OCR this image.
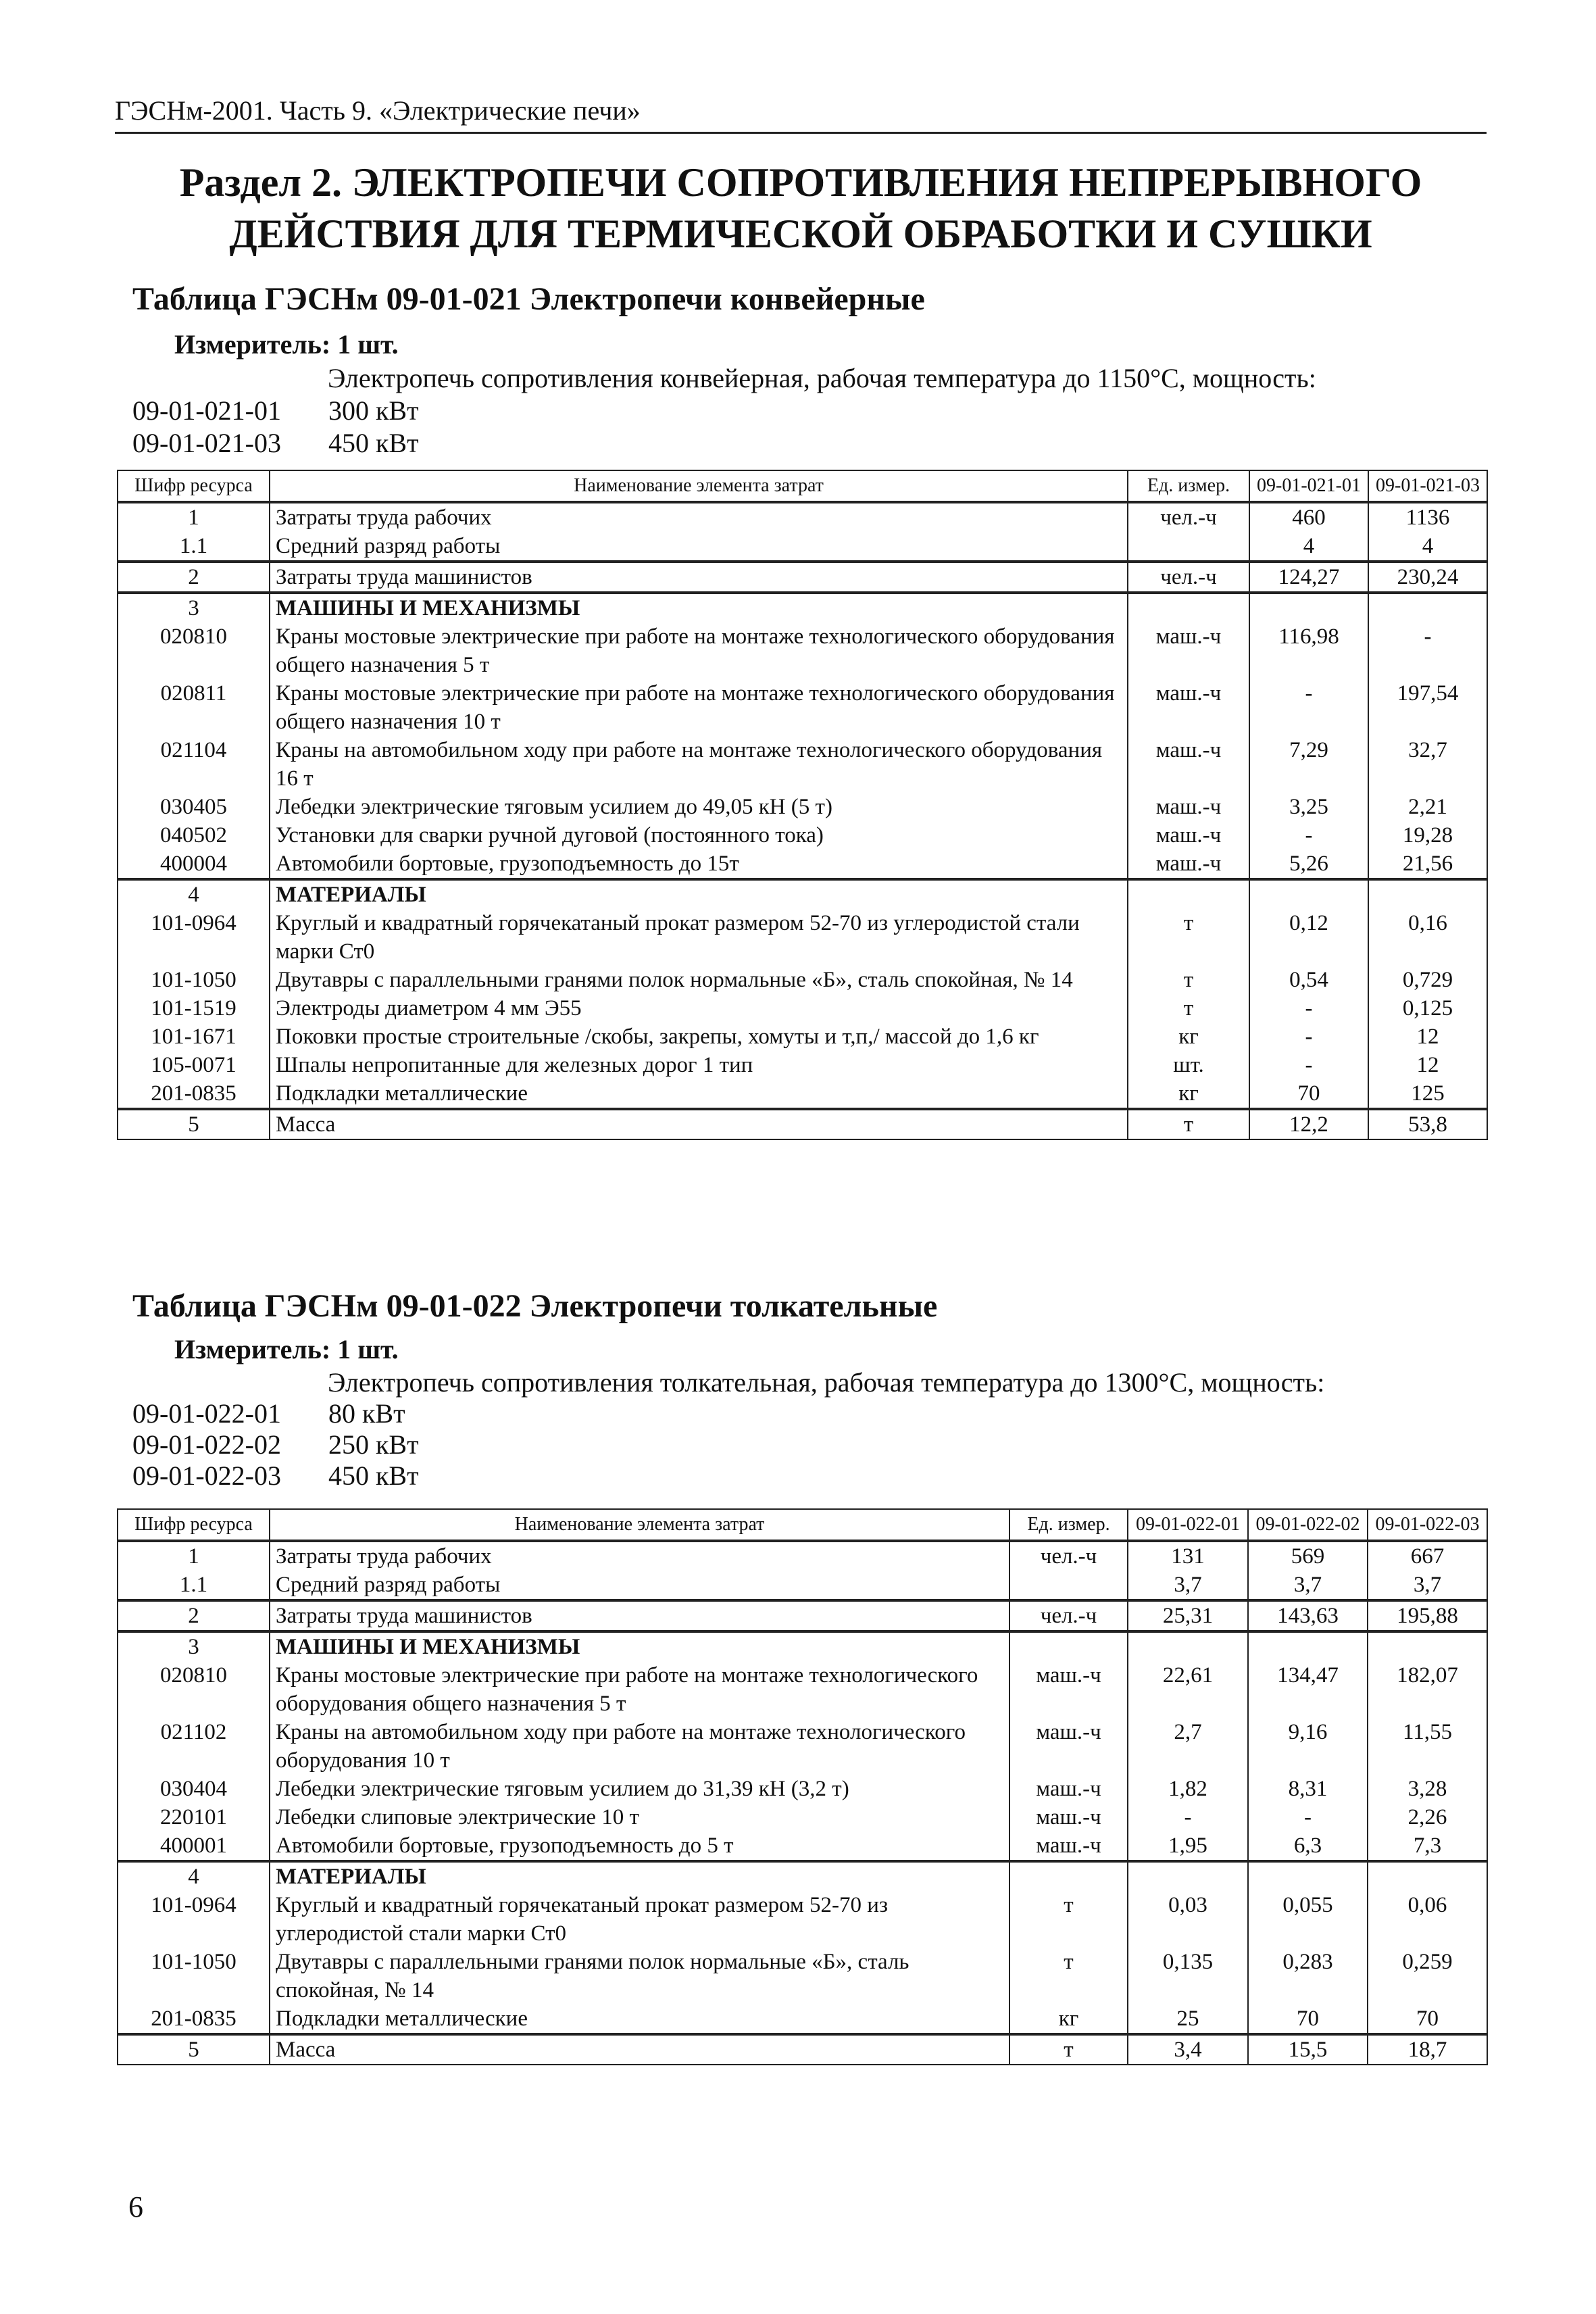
ГЭСНм-2001. Часть 9. «Электрические печи»
Раздел 2. ЭЛЕКТРОПЕЧИ СОПРОТИВЛЕНИЯ НЕПРЕРЫВНОГО
ДЕЙСТВИЯ ДЛЯ ТЕРМИЧЕСКОЙ ОБРАБОТКИ И СУШКИ
Таблица ГЭСНм 09-01-021 Электропечи конвейерные
Измеритель: 1 шт.
Электропечь сопротивления конвейерная, рабочая температура до 1150°С, мощность:
09-01-021-01 300 кВт
09-01-021-03 450 кВт
Шифр ресурса	Наименование элемента затрат	Ед. измер.	09-01-021-01	09-01-021-03
1	Затраты труда рабочих	чел.-ч	460	1136
1.1	Средний разряд работы		4	4
2	Затраты труда машинистов	чел.-ч	124,27	230,24
3	МАШИНЫ И МЕХАНИЗМЫ			
020810	Краны мостовые электрические при работе на монтаже технологического оборудования общего назначения 5 т	маш.-ч	116,98	-
020811	Краны мостовые электрические при работе на монтаже технологического оборудования общего назначения 10 т	маш.-ч	-	197,54
021104	Краны на автомобильном ходу при работе на монтаже технологического оборудования 16 т	маш.-ч	7,29	32,7
030405	Лебедки электрические тяговым усилием до 49,05 кН (5 т)	маш.-ч	3,25	2,21
040502	Установки для сварки ручной дуговой (постоянного тока)	маш.-ч	-	19,28
400004	Автомобили бортовые, грузоподъемность до 15т	маш.-ч	5,26	21,56
4	МАТЕРИАЛЫ			
101-0964	Круглый и квадратный горячекатаный прокат размером 52-70 из углеродистой стали марки Ст0	т	0,12	0,16
101-1050	Двутавры с параллельными гранями полок нормальные «Б», сталь спокойная, № 14	т	0,54	0,729
101-1519	Электроды диаметром 4 мм Э55	т	-	0,125
101-1671	Поковки простые строительные /скобы, закрепы, хомуты и т,п,/ массой до 1,6 кг	кг	-	12
105-0071	Шпалы непропитанные для железных дорог 1 тип	шт.	-	12
201-0835	Подкладки металлические	кг	70	125
5	Масса	т	12,2	53,8
Таблица ГЭСНм 09-01-022 Электропечи толкательные
Измеритель: 1 шт.
Электропечь сопротивления толкательная, рабочая температура до 1300°С, мощность:
09-01-022-01 80 кВт
09-01-022-02 250 кВт
09-01-022-03 450 кВт
Шифр ресурса	Наименование элемента затрат	Ед. измер.	09-01-022-01	09-01-022-02	09-01-022-03
1	Затраты труда рабочих	чел.-ч	131	569	667
1.1	Средний разряд работы		3,7	3,7	3,7
2	Затраты труда машинистов	чел.-ч	25,31	143,63	195,88
3	МАШИНЫ И МЕХАНИЗМЫ				
020810	Краны мостовые электрические при работе на монтаже технологического оборудования общего назначения 5 т	маш.-ч	22,61	134,47	182,07
021102	Краны на автомобильном ходу при работе на монтаже технологического оборудования 10 т	маш.-ч	2,7	9,16	11,55
030404	Лебедки электрические тяговым усилием до 31,39 кН (3,2 т)	маш.-ч	1,82	8,31	3,28
220101	Лебедки слиповые электрические 10 т	маш.-ч	-	-	2,26
400001	Автомобили бортовые, грузоподъемность до 5 т	маш.-ч	1,95	6,3	7,3
4	МАТЕРИАЛЫ				
101-0964	Круглый и квадратный горячекатаный прокат размером 52-70 из углеродистой стали марки Ст0	т	0,03	0,055	0,06
101-1050	Двутавры с параллельными гранями полок нормальные «Б», сталь спокойная, № 14	т	0,135	0,283	0,259
201-0835	Подкладки металлические	кг	25	70	70
5	Масса	т	3,4	15,5	18,7
6
